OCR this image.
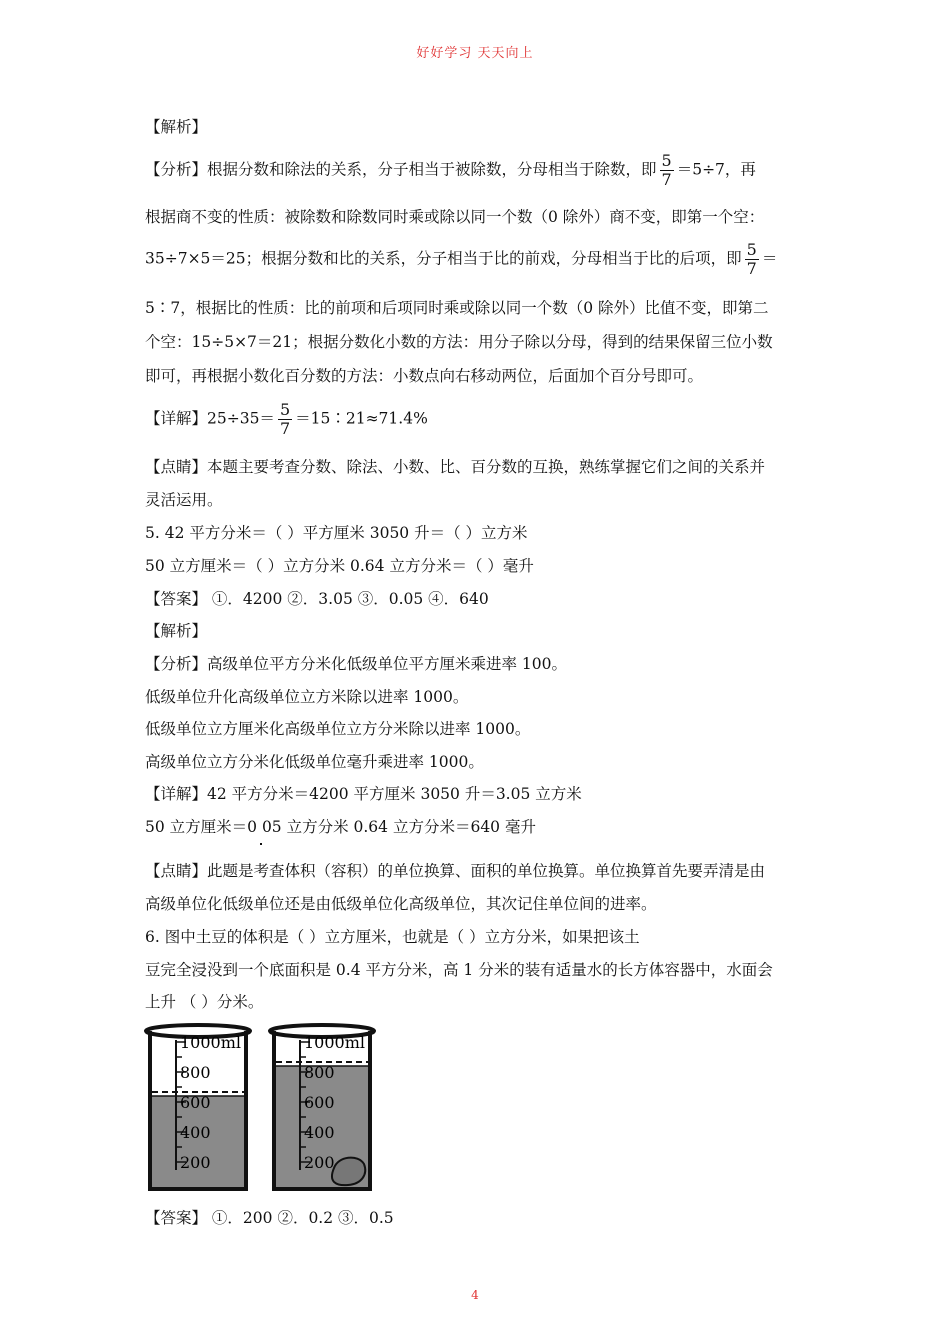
好好学习 天天向上
【解析】
【分析】根据分数和除法的关系，分子相当于被除数，分母相当于除数，即 $\frac{5}{7} =5\div 7$，再
根据商不变的性质：被除数和除数同时乘或除以同一个数（0 除外）商不变，即第一个空：
35÷7×5＝25；根据分数和比的关系，分子相当于比的前戏，分母相当于比的后项，即 $\frac{5}{7}$ ＝
5∶7，根据比的性质：比的前项和后项同时乘或除以同一个数（0 除外）比值不变，即第二
个空：15÷5×7＝21；根据分数化小数的方法：用分子除以分母，得到的结果保留三位小数
即可，再根据小数化百分数的方法：小数点向右移动两位，后面加个百分号即可。
【详解】$25\div 35= \frac{5}{7}$ ＝15∶21≈71.4%
【点睛】本题主要考查分数、除法、小数、比、百分数的互换，熟练掌握它们之间的关系并
灵活运用。
5. 42 平方分米＝（ ）平方厘米 3050 升＝（ ）立方米
50 立方厘米＝（ ）立方分米 0.64 立方分米＝（ ）毫升
【答案】 ①．4200 ②．3.05 ③．0.05 ④．640
【解析】
【分析】高级单位平方分米化低级单位平方厘米乘进率 100。
低级单位升化高级单位立方米除以进率 1000。
低级单位立方厘米化高级单位立方分米除以进率 1000。
高级单位立方分米化低级单位毫升乘进率 1000。
【详解】42 平方分米＝4200 平方厘米 3050 升＝3.05 立方米
50 立方厘米＝0 05 立方分米 0.64 立方分米＝640 毫升
【点睛】此题是考查体积（容积）的单位换算、面积的单位换算。单位换算首先要弄清是由
高级单位化低级单位还是由低级单位化高级单位，其次记住单位间的进率。
6. 图中土豆的体积是（ ）立方厘米，也就是（ ）立方分米，如果把该土
豆完全浸没到一个底面积是 0.4 平方分米，高 1 分米的装有适量水的长方体容器中，水面会
上升 （ ）分米。
1000ml
800
600
400
200
1000ml
800
600
400
200
【答案】 ①．200 ②．0.2 ③．0.5
4
